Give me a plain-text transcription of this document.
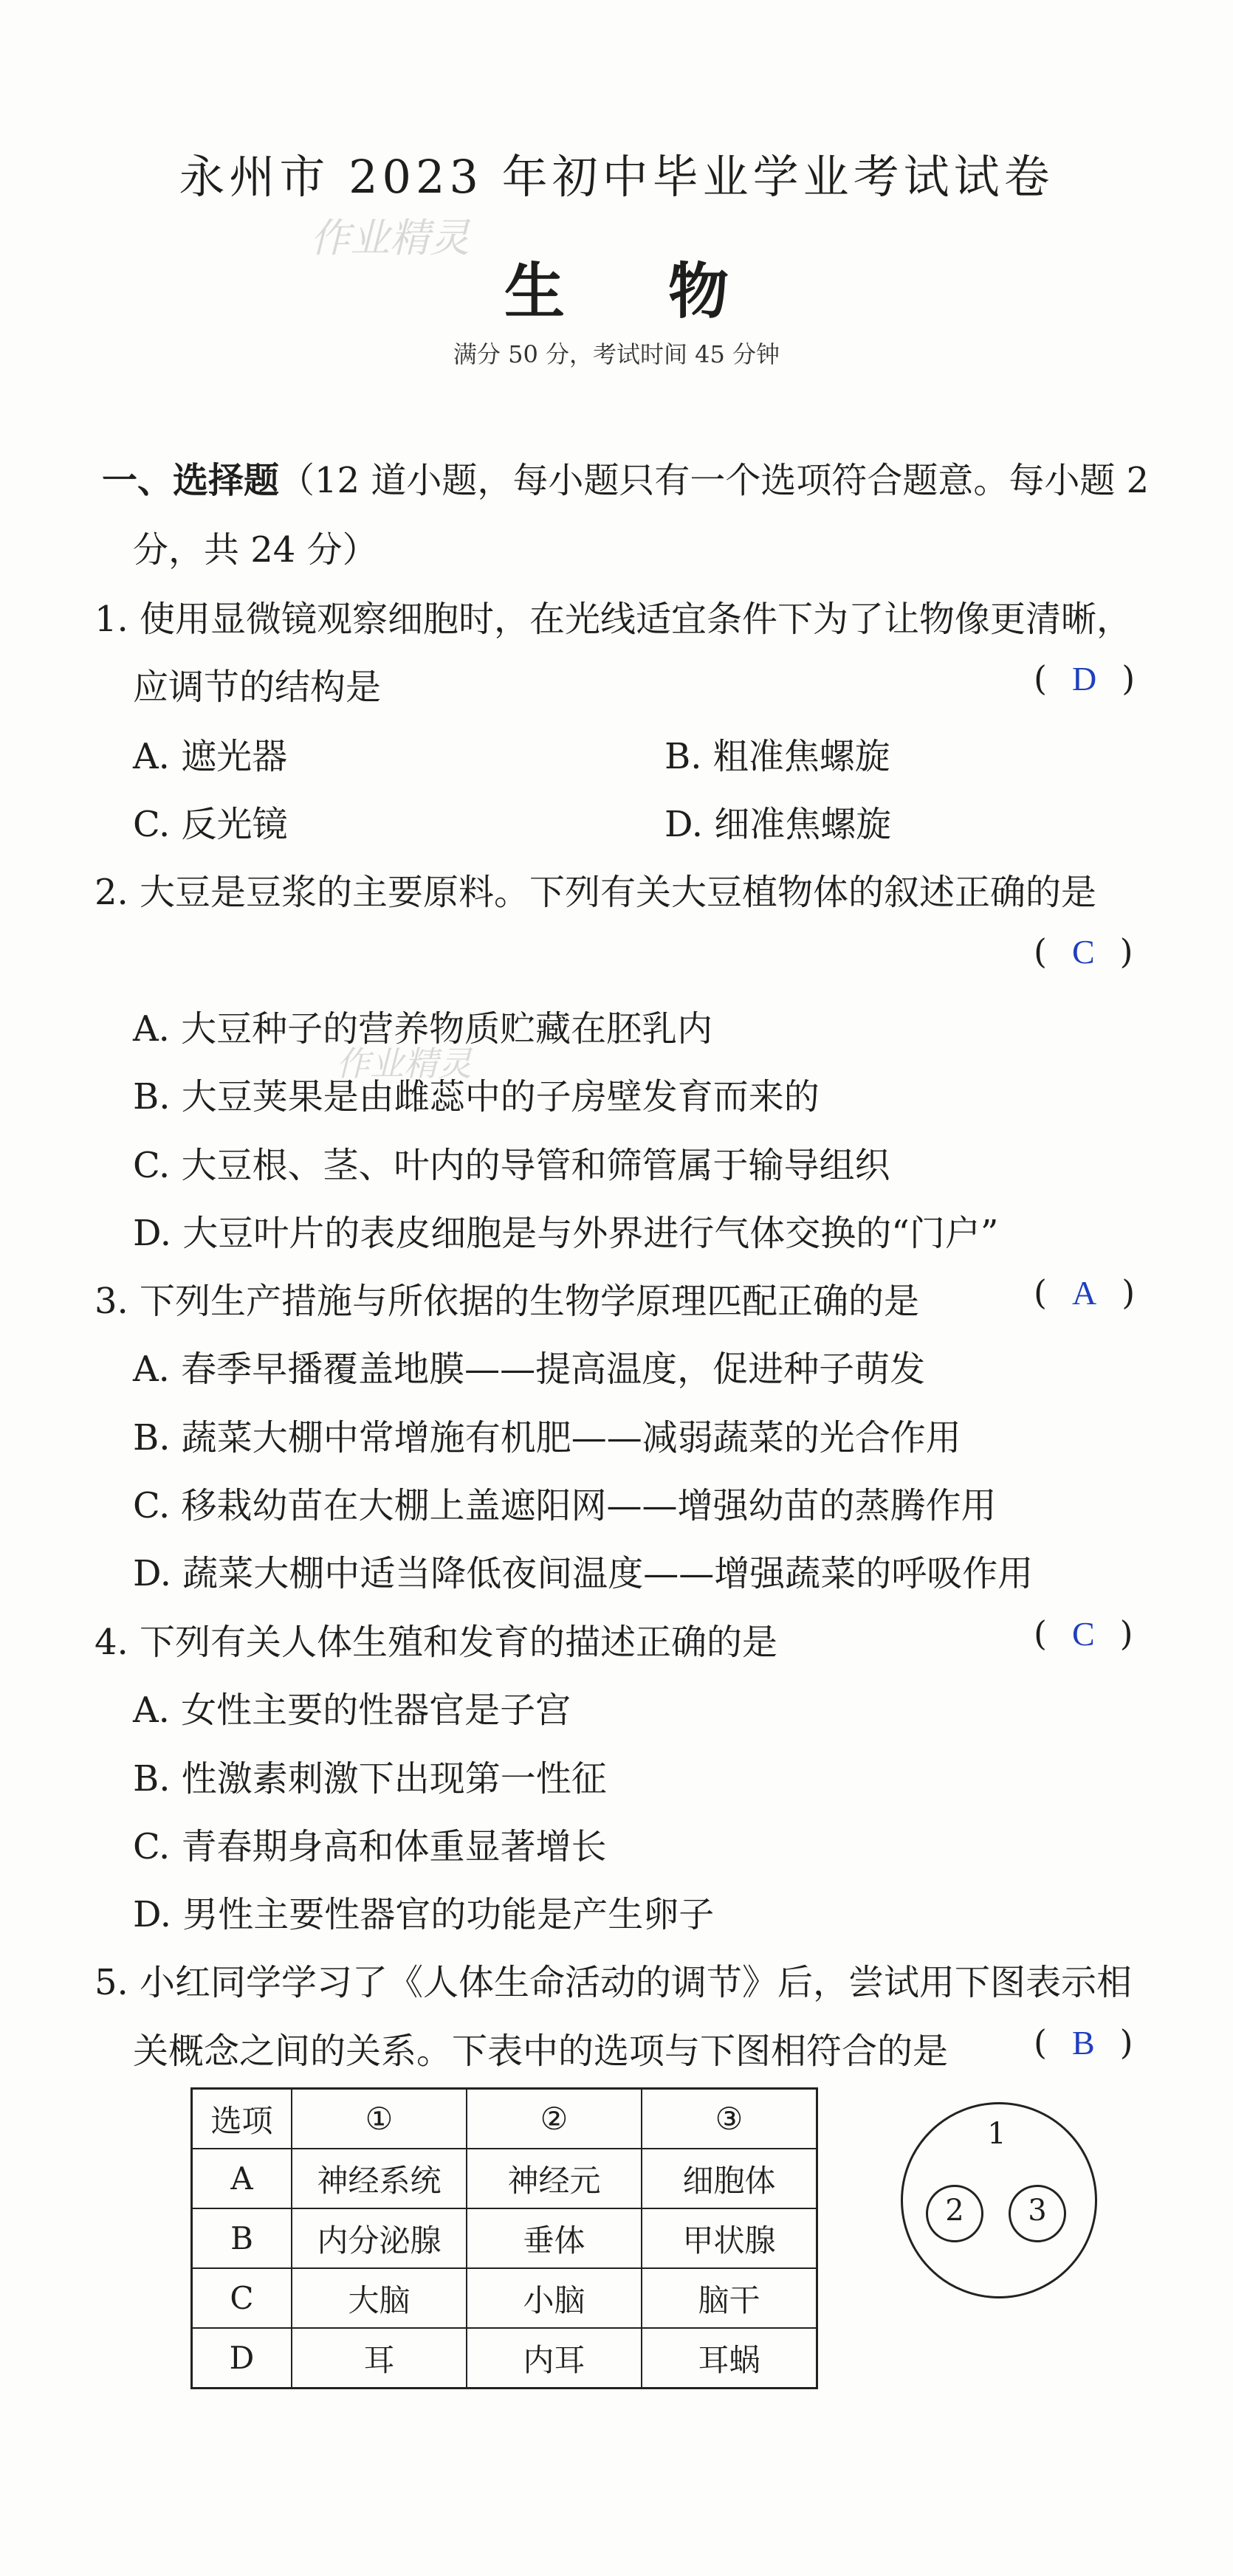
永州市 2023 年初中毕业学业考试试卷
作业精灵
生 物
满分 50 分，考试时间 45 分钟
一、选择题（12 道小题，每小题只有一个选项符合题意。每小题 2
分，共 24 分）
1. 使用显微镜观察细胞时，在光线适宜条件下为了让物像更清晰，
应调节的结构是	( D )
A. 遮光器	B. 粗准焦螺旋
C. 反光镜	D. 细准焦螺旋
2. 大豆是豆浆的主要原料。下列有关大豆植物体的叙述正确的是
( C )
A. 大豆种子的营养物质贮藏在胚乳内
作业精灵
B. 大豆荚果是由雌蕊中的子房壁发育而来的
C. 大豆根、茎、叶内的导管和筛管属于输导组织
D. 大豆叶片的表皮细胞是与外界进行气体交换的“门户”
3. 下列生产措施与所依据的生物学原理匹配正确的是	( A )
A. 春季早播覆盖地膜——提高温度，促进种子萌发
B. 蔬菜大棚中常增施有机肥——减弱蔬菜的光合作用
C. 移栽幼苗在大棚上盖遮阳网——增强幼苗的蒸腾作用
D. 蔬菜大棚中适当降低夜间温度——增强蔬菜的呼吸作用
4. 下列有关人体生殖和发育的描述正确的是	( C )
A. 女性主要的性器官是子宫
B. 性激素刺激下出现第一性征
C. 青春期身高和体重显著增长
D. 男性主要性器官的功能是产生卵子
5. 小红同学学习了《人体生命活动的调节》后，尝试用下图表示相
关概念之间的关系。下表中的选项与下图相符合的是	( B )
选项	①	②	③
A	神经系统	神经元	细胞体
B	内分泌腺	垂体	甲状腺
C	大脑	小脑	脑干
D	耳	内耳	耳蜗
1
2	3
